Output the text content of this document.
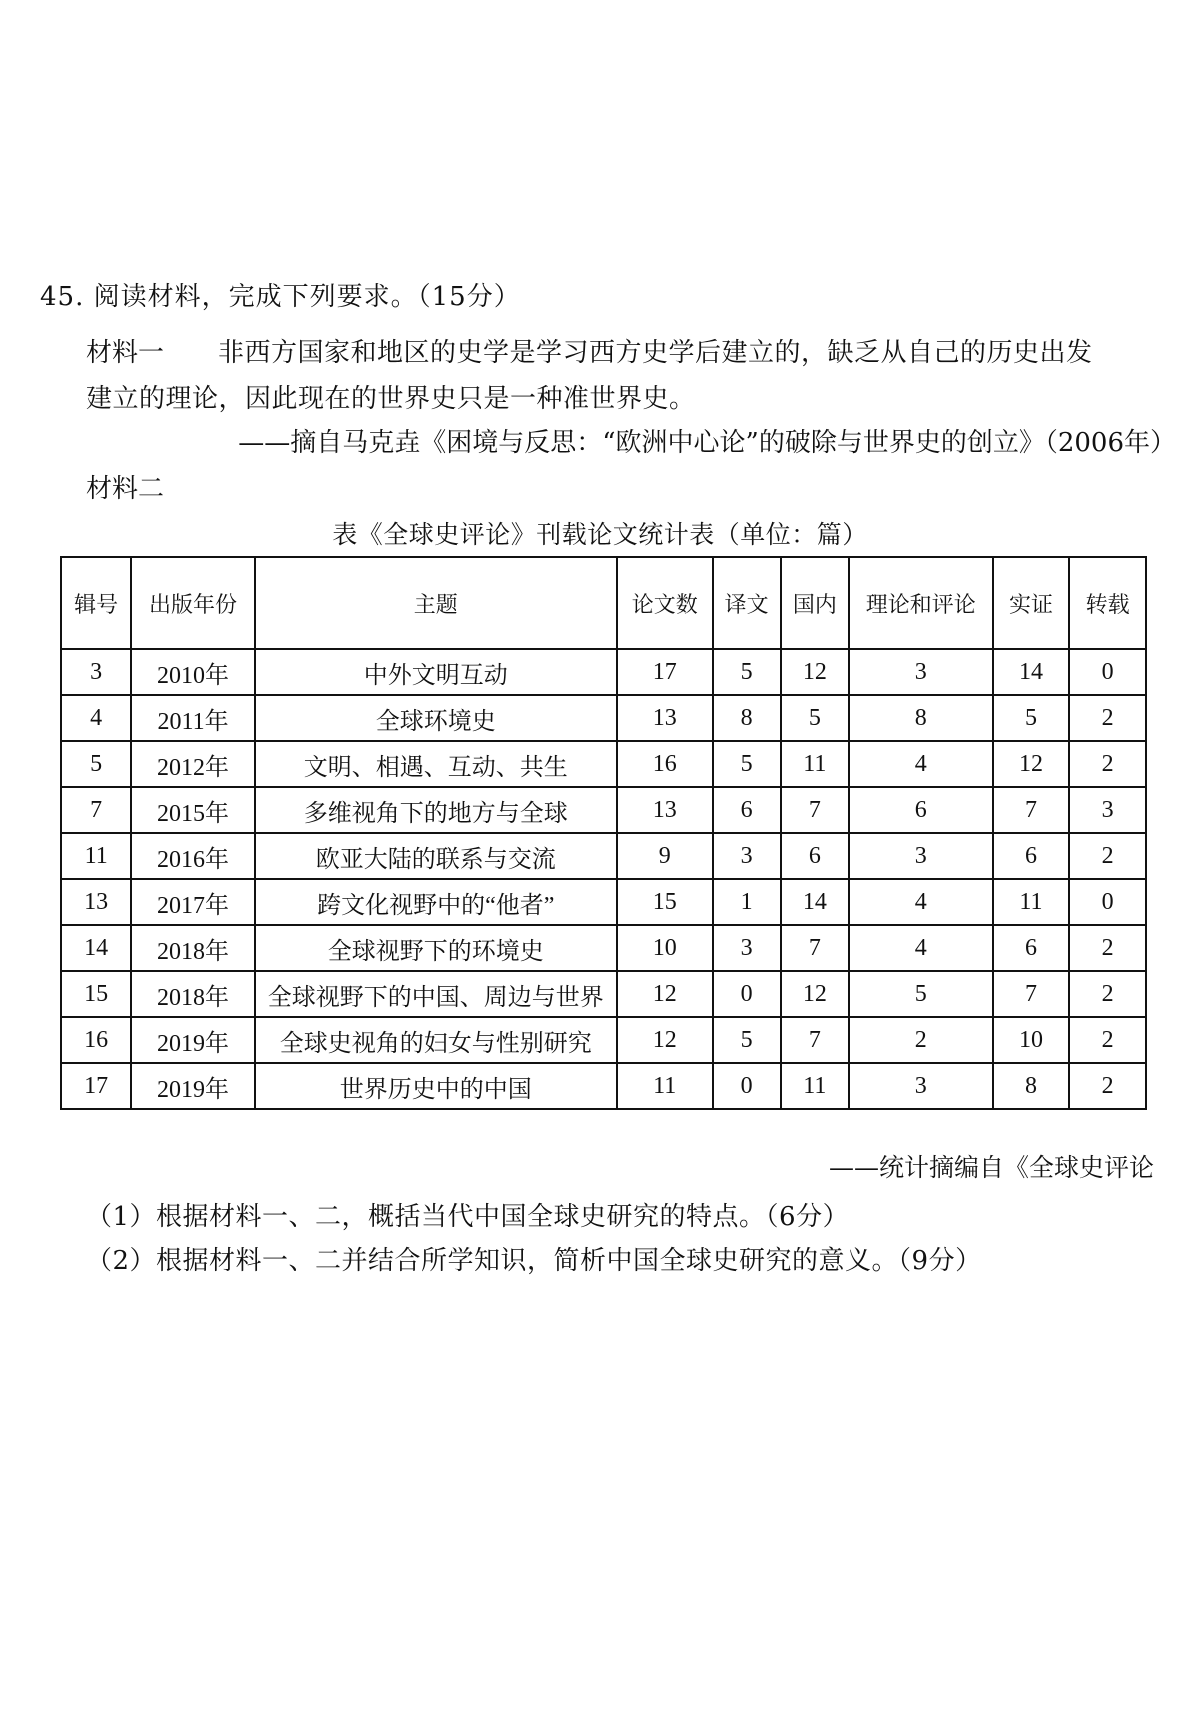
45. 阅读材料，完成下列要求。（15分）
材料一 非西方国家和地区的史学是学习西方史学后建立的，缺乏从自己的历史出发
建立的理论，因此现在的世界史只是一种准世界史。
——摘自马克垚《困境与反思：“欧洲中心论”的破除与世界史的创立》（2006年）
材料二
表《全球史评论》刊载论文统计表（单位：篇）
辑号	出版年份	主题	论文数	译文	国内	理论和评论	实证	转载
3	2010年	中外文明互动	17	5	12	3	14	0
4	2011年	全球环境史	13	8	5	8	5	2
5	2012年	文明、相遇、互动、共生	16	5	11	4	12	2
7	2015年	多维视角下的地方与全球	13	6	7	6	7	3
11	2016年	欧亚大陆的联系与交流	9	3	6	3	6	2
13	2017年	跨文化视野中的“他者”	15	1	14	4	11	0
14	2018年	全球视野下的环境史	10	3	7	4	6	2
15	2018年	全球视野下的中国、周边与世界	12	0	12	5	7	2
16	2019年	全球史视角的妇女与性别研究	12	5	7	2	10	2
17	2019年	世界历史中的中国	11	0	11	3	8	2
——统计摘编自《全球史评论
（1）根据材料一、二，概括当代中国全球史研究的特点。（6分）
（2）根据材料一、二并结合所学知识，简析中国全球史研究的意义。（9分）
